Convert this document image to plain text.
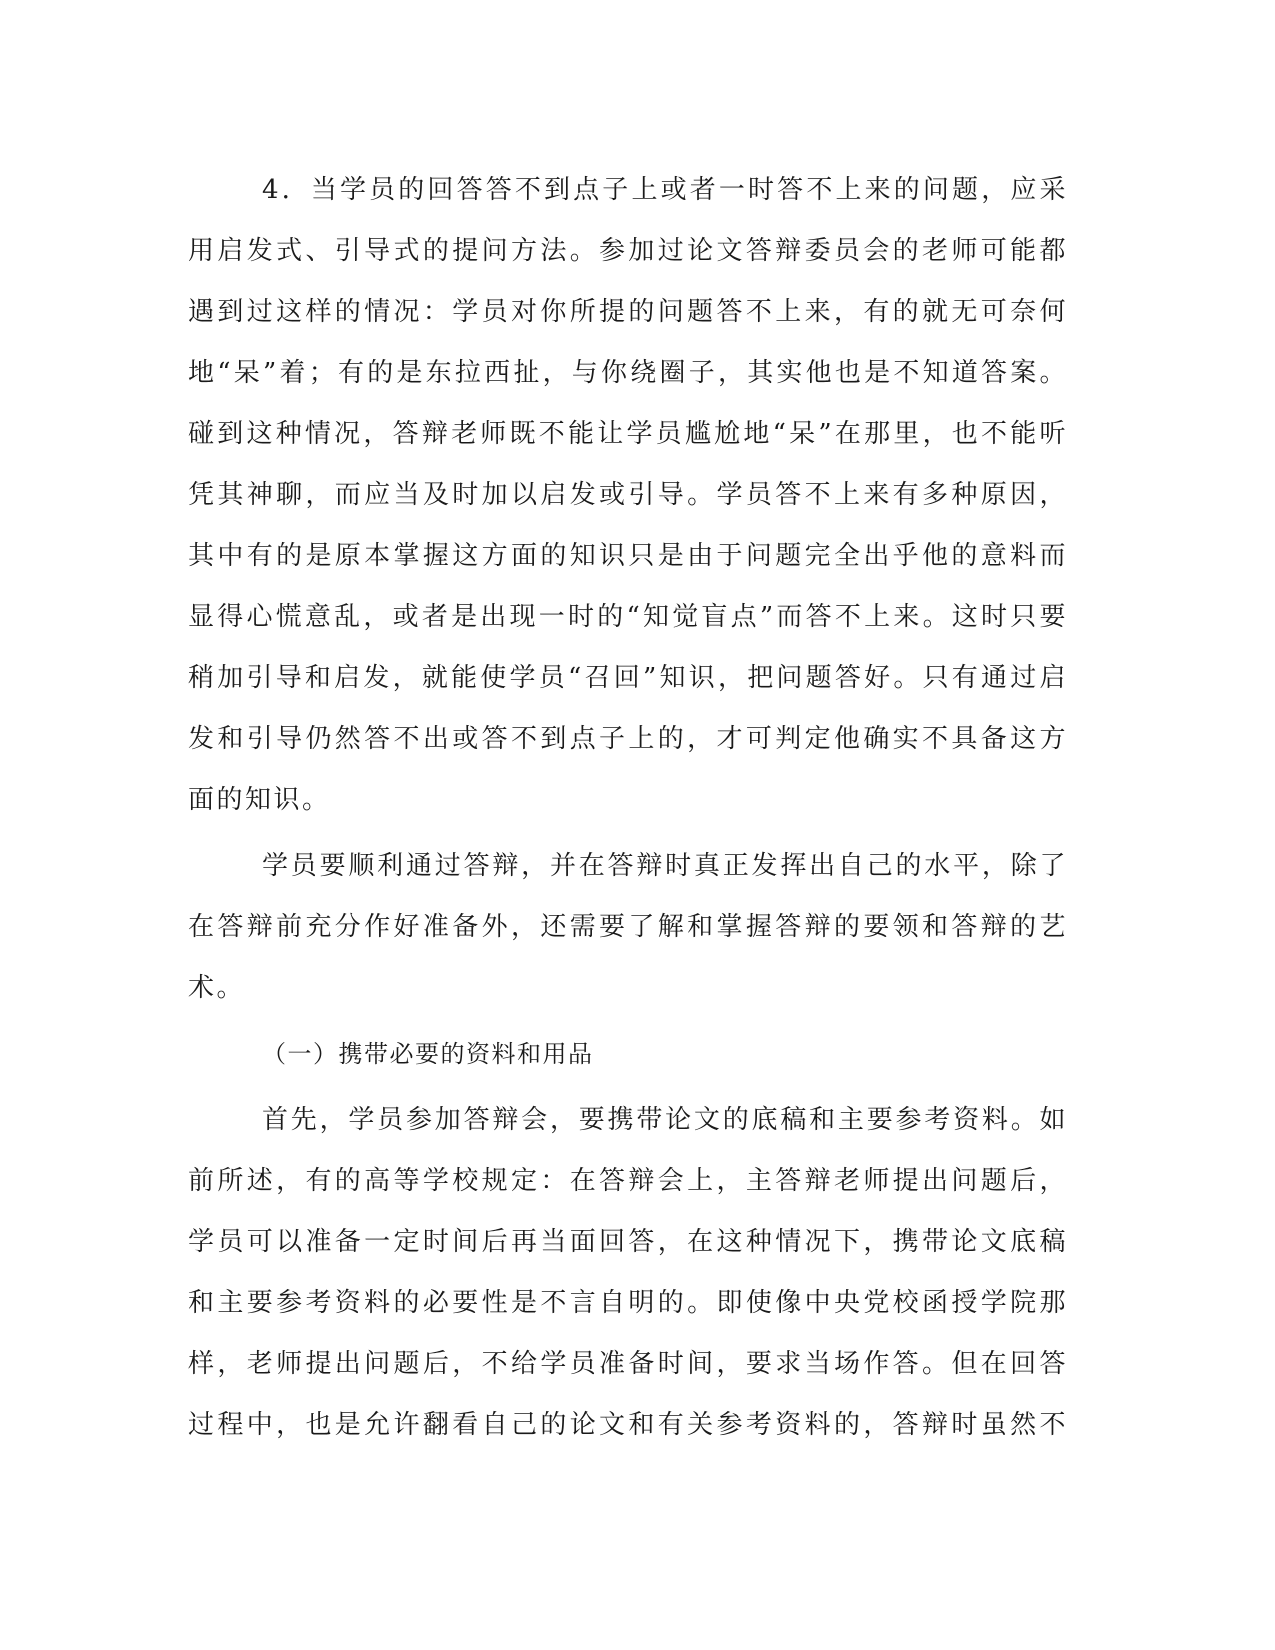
4．当学员的回答答不到点子上或者一时答不上来的问题，应采
用启发式、引导式的提问方法。参加过论文答辩委员会的老师可能都
遇到过这样的情况：学员对你所提的问题答不上来，有的就无可奈何
地“呆”着；有的是东拉西扯，与你绕圈子，其实他也是不知道答案。
碰到这种情况，答辩老师既不能让学员尴尬地“呆”在那里，也不能听
凭其神聊，而应当及时加以启发或引导。学员答不上来有多种原因，
其中有的是原本掌握这方面的知识只是由于问题完全出乎他的意料而
显得心慌意乱，或者是出现一时的“知觉盲点”而答不上来。这时只要
稍加引导和启发，就能使学员“召回”知识，把问题答好。只有通过启
发和引导仍然答不出或答不到点子上的，才可判定他确实不具备这方
面的知识。
学员要顺利通过答辩，并在答辩时真正发挥出自己的水平，除了
在答辩前充分作好准备外，还需要了解和掌握答辩的要领和答辩的艺
术。
（一）携带必要的资料和用品
首先，学员参加答辩会，要携带论文的底稿和主要参考资料。如
前所述，有的高等学校规定：在答辩会上，主答辩老师提出问题后，
学员可以准备一定时间后再当面回答，在这种情况下，携带论文底稿
和主要参考资料的必要性是不言自明的。即使像中央党校函授学院那
样，老师提出问题后，不给学员准备时间，要求当场作答。但在回答
过程中，也是允许翻看自己的论文和有关参考资料的，答辩时虽然不
